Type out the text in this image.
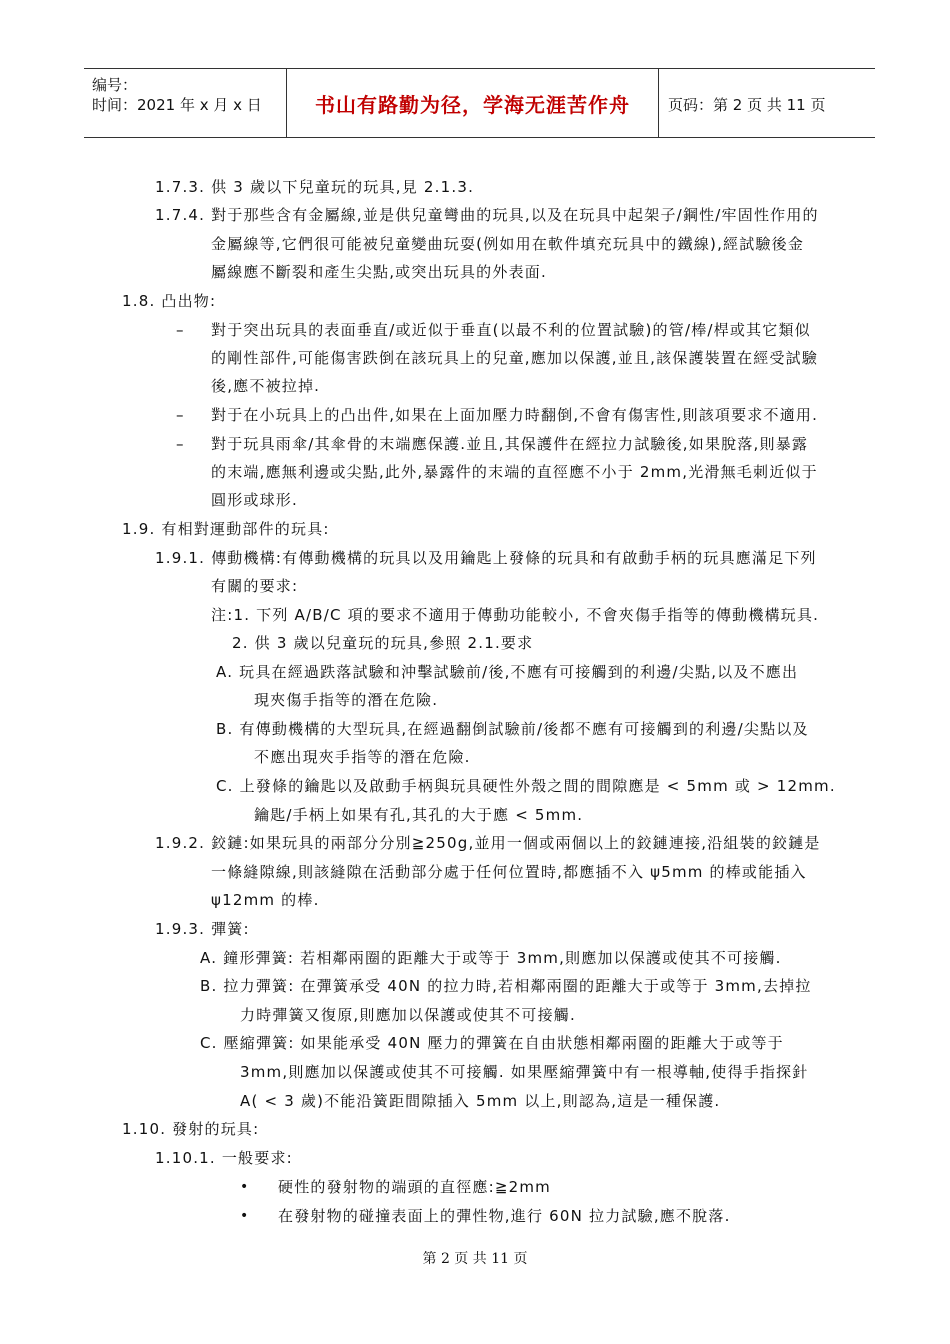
编号：
时间：2021 年 x 月 x 日	书山有路勤为径，学海无涯苦作舟	页码：第 2 页 共 11 页
1.7.3. 供 3 歲以下兒童玩的玩具,見 2.1.3.
1.7.4. 對于那些含有金屬線,並是供兒童彎曲的玩具,以及在玩具中起架子/鋼性/牢固性作用的
金屬線等,它們很可能被兒童變曲玩耍(例如用在軟件填充玩具中的鐵線),經試驗後金
屬線應不斷裂和產生尖點,或突出玩具的外表面.
1.8. 凸出物:
– 對于突出玩具的表面垂直/或近似于垂直(以最不利的位置試驗)的管/棒/桿或其它類似
的剛性部件,可能傷害跌倒在該玩具上的兒童,應加以保護,並且,該保護裝置在經受試驗
後,應不被拉掉.
– 對于在小玩具上的凸出件,如果在上面加壓力時翻倒,不會有傷害性,則該項要求不適用.
– 對于玩具雨傘/其傘骨的末端應保護.並且,其保護件在經拉力試驗後,如果脫落,則暴露
的末端,應無利邊或尖點,此外,暴露件的末端的直徑應不小于 2mm,光滑無毛刺近似于
圓形或球形.
1.9. 有相對運動部件的玩具:
1.9.1. 傳動機構:有傳動機構的玩具以及用鑰匙上發條的玩具和有啟動手柄的玩具應滿足下列
有關的要求:
注:1. 下列 A/B/C 項的要求不適用于傳動功能較小, 不會夾傷手指等的傳動機構玩具.
2. 供 3 歲以兒童玩的玩具,參照 2.1.要求
A. 玩具在經過跌落試驗和沖擊試驗前/後,不應有可接觸到的利邊/尖點,以及不應出
現夾傷手指等的潛在危險.
B. 有傳動機構的大型玩具,在經過翻倒試驗前/後都不應有可接觸到的利邊/尖點以及
不應出現夾手指等的潛在危險.
C. 上發條的鑰匙以及啟動手柄與玩具硬性外殼之間的間隙應是 < 5mm 或 > 12mm.
鑰匙/手柄上如果有孔,其孔的大于應 < 5mm.
1.9.2. 鉸鏈:如果玩具的兩部分分別≧250g,並用一個或兩個以上的鉸鏈連接,沿組裝的鉸鏈是
一條縫隙線,則該縫隙在活動部分處于任何位置時,都應插不入 ψ5mm 的棒或能插入
ψ12mm 的棒.
1.9.3. 彈簧:
A. 鐘形彈簧: 若相鄰兩圈的距離大于或等于 3mm,則應加以保護或使其不可接觸.
B. 拉力彈簧: 在彈簧承受 40N 的拉力時,若相鄰兩圈的距離大于或等于 3mm,去掉拉
力時彈簧又復原,則應加以保護或使其不可接觸.
C. 壓縮彈簧: 如果能承受 40N 壓力的彈簧在自由狀態相鄰兩圈的距離大于或等于
3mm,則應加以保護或使其不可接觸. 如果壓縮彈簧中有一根導軸,使得手指探針
A( < 3 歲)不能沿簧距間隙插入 5mm 以上,則認為,這是一種保護.
1.10. 發射的玩具:
1.10.1. 一般要求:
• 硬性的發射物的端頭的直徑應:≧2mm
• 在發射物的碰撞表面上的彈性物,進行 60N 拉力試驗,應不脫落.
第 2 页 共 11 页
